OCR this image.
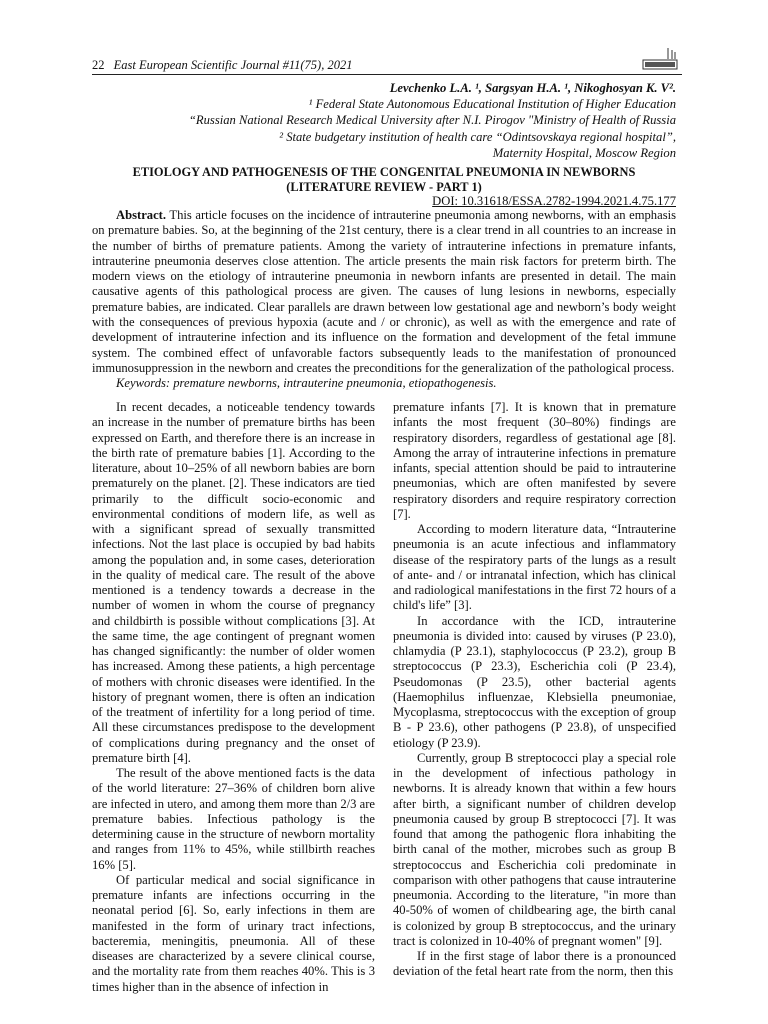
22 East European Scientific Journal #11(75), 2021
Levchenko L.A. ¹, Sargsyan H.A. ¹, Nikoghosyan K. V².
¹ Federal State Autonomous Educational Institution of Higher Education
“Russian National Research Medical University after N.I. Pirogov "Ministry of Health of Russia
² State budgetary institution of health care “Odintsovskaya regional hospital”,
Maternity Hospital, Moscow Region
ETIOLOGY AND PATHOGENESIS OF THE CONGENITAL PNEUMONIA IN NEWBORNS
(LITERATURE REVIEW - PART 1)
DOI: 10.31618/ESSA.2782-1994.2021.4.75.177

Abstract. This article focuses on the incidence of intrauterine pneumonia among newborns, with an emphasis on premature babies. So, at the beginning of the 21st century, there is a clear trend in all countries to an increase in the number of births of premature patients. Among the variety of intrauterine infections in premature infants, intrauterine pneumonia deserves close attention. The article presents the main risk factors for preterm birth. The modern views on the etiology of intrauterine pneumonia in newborn infants are presented in detail. The main causative agents of this pathological process are given. The causes of lung lesions in newborns, especially premature babies, are indicated. Clear parallels are drawn between low gestational age and newborn’s body weight with the consequences of previous hypoxia (acute and / or chronic), as well as with the emergence and rate of development of intrauterine infection and its influence on the formation and development of the fetal immune system. The combined effect of unfavorable factors subsequently leads to the manifestation of pronounced immunosuppression in the newborn and creates the preconditions for the generalization of the pathological process.

Keywords: premature newborns, intrauterine pneumonia, etiopathogenesis.

In recent decades, a noticeable tendency towards an increase in the number of premature births has been expressed on Earth, and therefore there is an increase in the birth rate of premature babies [1]. According to the literature, about 10–25% of all newborn babies are born prematurely on the planet. [2]. These indicators are tied primarily to the difficult socio-economic and environmental conditions of modern life, as well as with a significant spread of sexually transmitted infections. Not the last place is occupied by bad habits among the population and, in some cases, deterioration in the quality of medical care. The result of the above mentioned is a tendency towards a decrease in the number of women in whom the course of pregnancy and childbirth is possible without complications [3]. At the same time, the age contingent of pregnant women has changed significantly: the number of older women has increased. Among these patients, a high percentage of mothers with chronic diseases were identified. In the history of pregnant women, there is often an indication of the treatment of infertility for a long period of time. All these circumstances predispose to the development of complications during pregnancy and the onset of premature birth [4].

The result of the above mentioned facts is the data of the world literature: 27–36% of children born alive are infected in utero, and among them more than 2/3 are premature babies. Infectious pathology is the determining cause in the structure of newborn mortality and ranges from 11% to 45%, while stillbirth reaches 16% [5].

Of particular medical and social significance in premature infants are infections occurring in the neonatal period [6]. So, early infections in them are manifested in the form of urinary tract infections, bacteremia, meningitis, pneumonia. All of these diseases are characterized by a severe clinical course, and the mortality rate from them reaches 40%. This is 3 times higher than in the absence of infection in

premature infants [7]. It is known that in premature infants the most frequent (30–80%) findings are respiratory disorders, regardless of gestational age [8]. Among the array of intrauterine infections in premature infants, special attention should be paid to intrauterine pneumonias, which are often manifested by severe respiratory disorders and require respiratory correction [7].

According to modern literature data, “Intrauterine pneumonia is an acute infectious and inflammatory disease of the respiratory parts of the lungs as a result of ante- and / or intranatal infection, which has clinical and radiological manifestations in the first 72 hours of a child's life” [3].

In accordance with the ICD, intrauterine pneumonia is divided into: caused by viruses (P 23.0), chlamydia (P 23.1), staphylococcus (P 23.2), group B streptococcus (P 23.3), Escherichia coli (P 23.4), Pseudomonas (P 23.5), other bacterial agents (Haemophilus influenzae, Klebsiella pneumoniae, Mycoplasma, streptococcus with the exception of group B - P 23.6), other pathogens (P 23.8), of unspecified etiology (P 23.9).

Currently, group B streptococci play a special role in the development of infectious pathology in newborns. It is already known that within a few hours after birth, a significant number of children develop pneumonia caused by group B streptococci [7]. It was found that among the pathogenic flora inhabiting the birth canal of the mother, microbes such as group B streptococcus and Escherichia coli predominate in comparison with other pathogens that cause intrauterine pneumonia. According to the literature, "in more than 40-50% of women of childbearing age, the birth canal is colonized by group B streptococcus, and the urinary tract is colonized in 10-40% of pregnant women" [9].

If in the first stage of labor there is a pronounced deviation of the fetal heart rate from the norm, then this
